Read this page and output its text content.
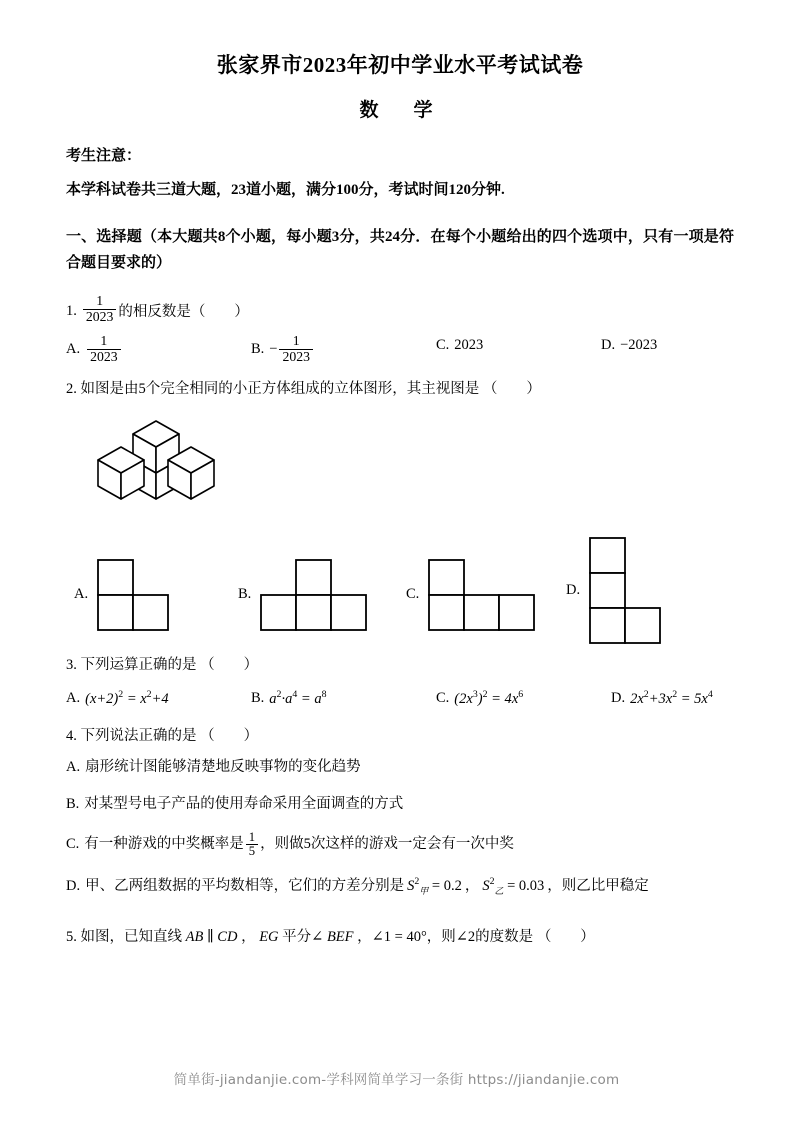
张家界市2023年初中学业水平考试试卷
数　学

考生注意：

本学科试卷共三道大题，23道小题，满分100分，考试时间120分钟.

一、选择题（本大题共8个小题，每小题3分，共24分．在每个小题给出的四个选项中，只有一项是符合题目要求的）

1. $\frac{1}{2023}$ 的相反数是
（ 　　）
A. $\frac{1}{2023}$	B. − $\frac{1}{2023}$	C. 2023	D. −2023
2. 如图是由5个完全相同的小正方体组成的立体图形，其主视图是 （ 　　）
A.	B.	C.	D.
3. 下列运算正确的是 （ 　　）
A. $(x+2)^2 = x^2+4$	B. $a^2\cdot a^4 = a^8$	C. $(2x^3)^2 = 4x^6$	D. $2x^2+3x^2 = 5x^4$
4. 下列说法正确的是 （ 　　）
A. 扇形统计图能够清楚地反映事物的变化趋势
B. 对某型号电子产品的使用寿命采用全面调查的方式
C. 有一种游戏的中奖概率是 $\frac{1}{5}$ ，则做5次这样的游戏一定会有一次中奖
D. 甲、乙两组数据的平均数相等，它们的方差分别是 $S^2_甲 = 0.2$ ， $S^2_乙 = 0.03$ ，则乙比甲稳定
5. 如图，已知直线 AB ∥ CD ， EG 平分∠ BEF ，∠1 = 40°，则∠2的度数是 （ 　　）
简单街-jiandanjie.com-学科网简单学习一条街 https://jiandanjie.com
